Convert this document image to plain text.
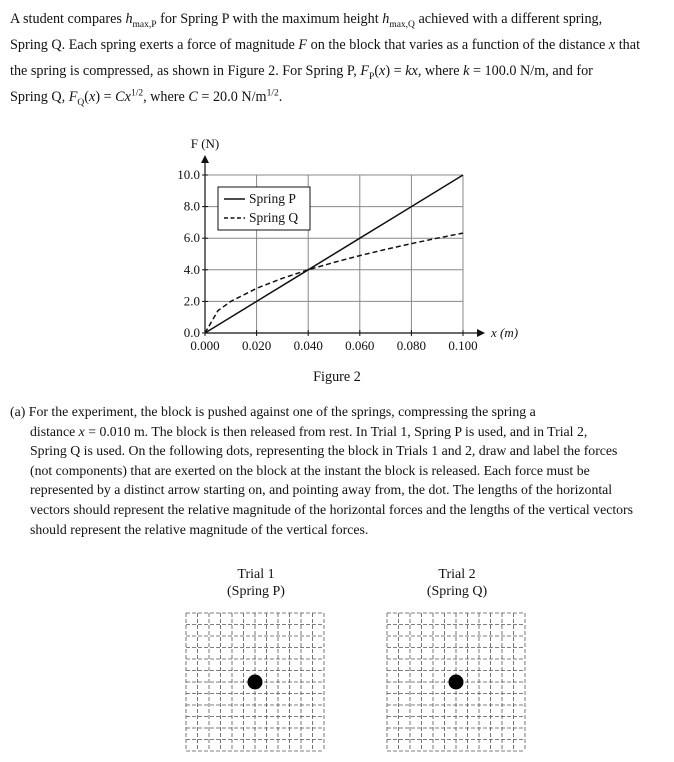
A student compares $h_{max,P}$ for Spring P with the maximum height $h_{max,Q}$ achieved with a different spring,
Spring Q. Each spring exerts a force of magnitude F on the block that varies as a function of the distance x that
the spring is compressed, as shown in Figure 2. For Spring P, $F_P(x)$ = kx, where k = 100.0 N/m, and for
Spring Q, $F_Q(x) = Cx^{1/2}$, where C = 20.0 $N/m^{1/2}$.
0.000 0.020 0.040 0.060 0.080 0.100
0.0
2.0
4.0
6.0
8.0
10.0
F (N)
x (m)
Spring P
Spring Q
Figure 2
(a) For the experiment, the block is pushed against one of the springs, compressing the spring a
distance x = 0.010 m. The block is then released from rest. In Trial 1, Spring P is used, and in Trial 2,
Spring Q is used. On the following dots, representing the block in Trials 1 and 2, draw and label the forces
(not components) that are exerted on the block at the instant the block is released. Each force must be
represented by a distinct arrow starting on, and pointing away from, the dot. The lengths of the horizontal
vectors should represent the relative magnitude of the horizontal forces and the lengths of the vertical vectors
should represent the relative magnitude of the vertical forces.
Trial 1
(Spring P)
Trial 2
(Spring Q)
